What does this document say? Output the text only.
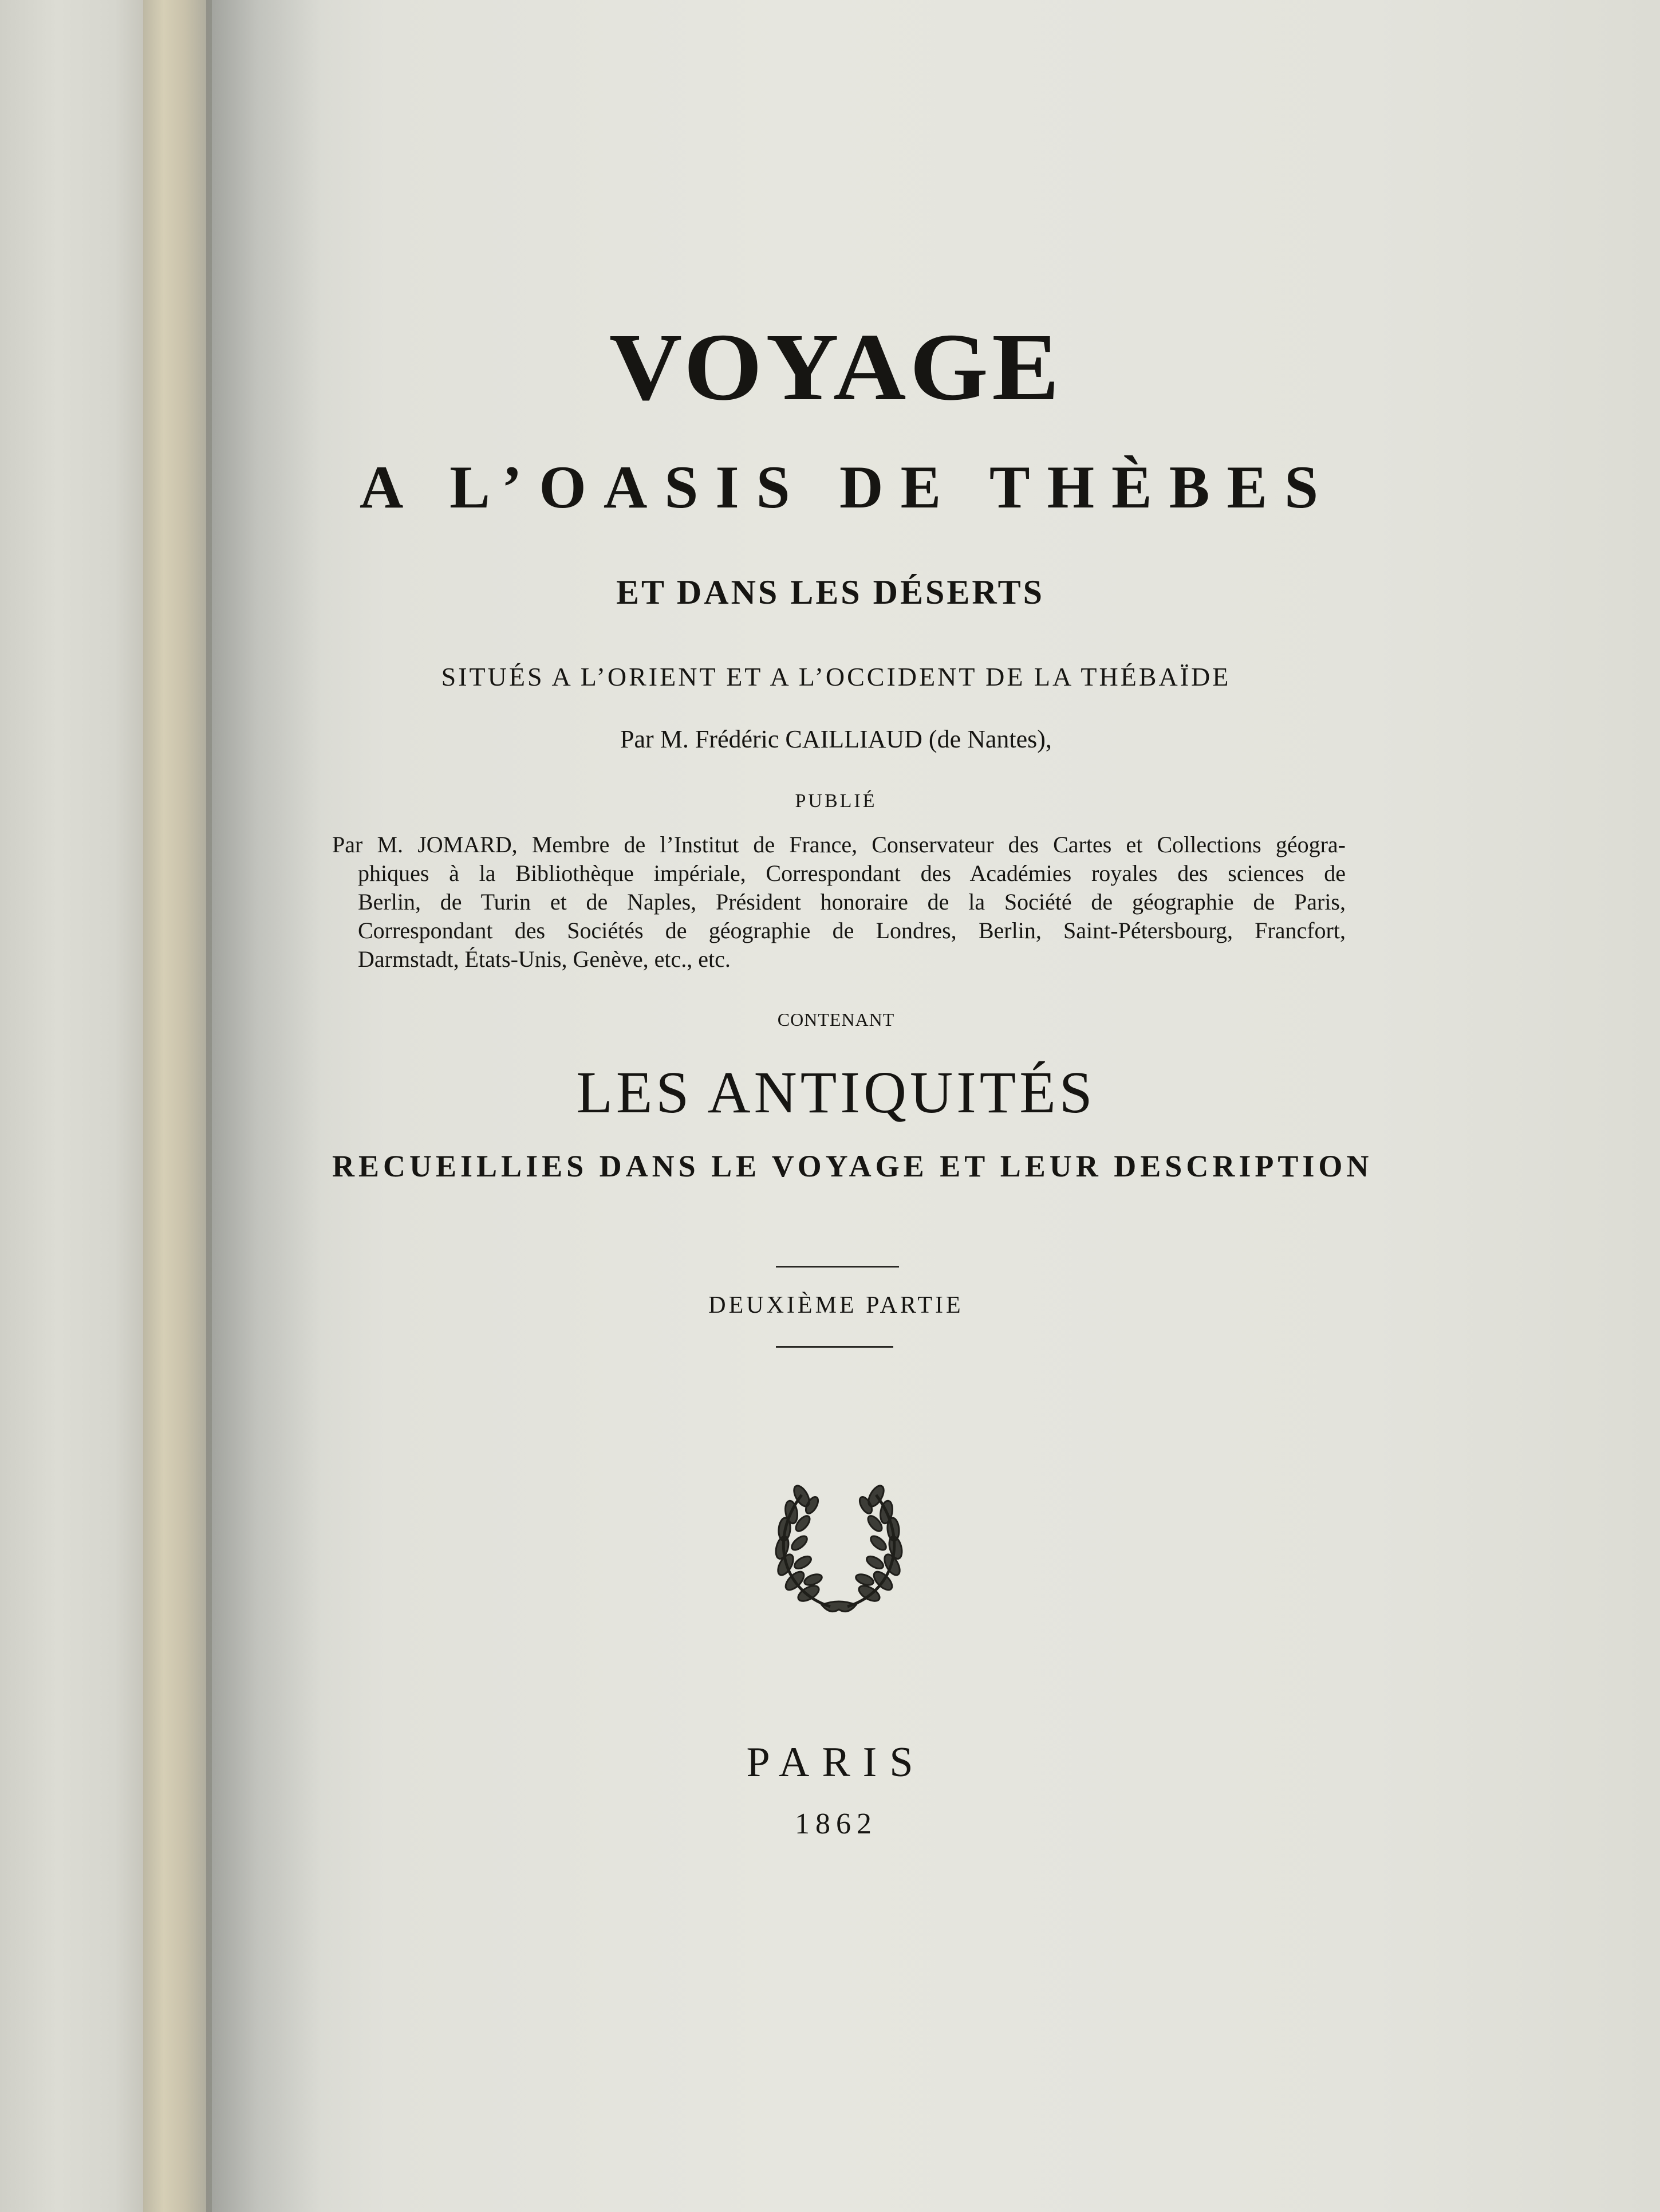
VOYAGE
A L’OASIS DE THÈBES
ET DANS LES DÉSERTS
SITUÉS A L’ORIENT ET A L’OCCIDENT DE LA THÉBAÏDE
Par M. Frédéric CAILLIAUD (de Nantes),
PUBLIÉ
Par M. JOMARD, Membre de l’Institut de France, Conservateur des Cartes et Collections géogra-
phiques à la Bibliothèque impériale, Correspondant des Académies royales des sciences de
Berlin, de Turin et de Naples, Président honoraire de la Société de géographie de Paris,
Correspondant des Sociétés de géographie de Londres, Berlin, Saint-Pétersbourg, Francfort,
Darmstadt, États-Unis, Genève, etc., etc.
CONTENANT
LES ANTIQUITÉS
RECUEILLIES DANS LE VOYAGE ET LEUR DESCRIPTION
DEUXIÈME PARTIE
PARIS
1862
